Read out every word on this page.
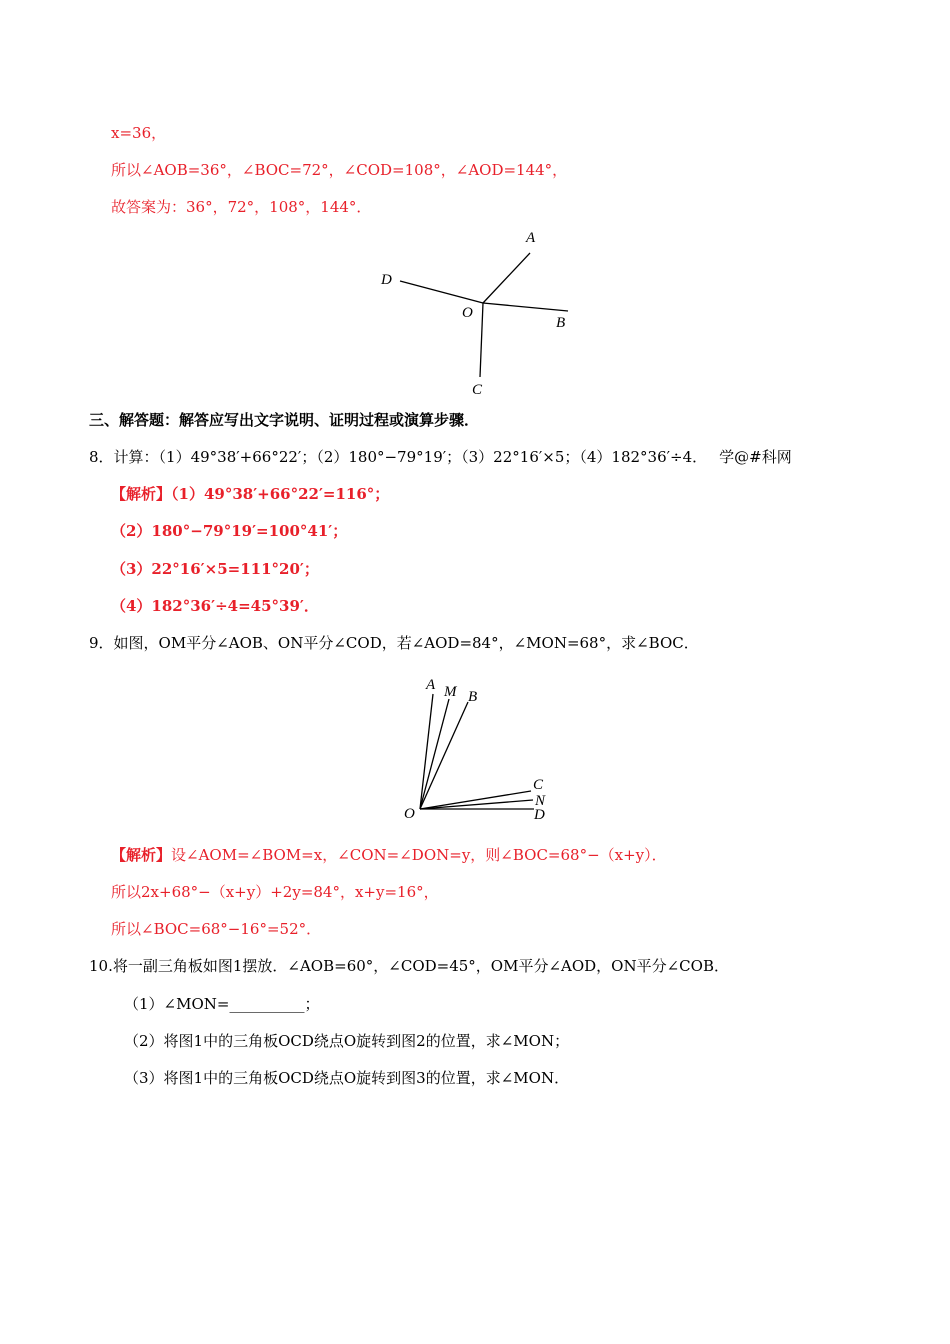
x=36，
所以∠AOB=36°，∠BOC=72°，∠COD=108°，∠AOD=144°，
故答案为：36°，72°，108°，144°．
A
B
C
D
O
三、解答题：解答应写出文字说明、证明过程或演算步骤．
8．计算：（1）49°38′+66°22′；（2）180°−79°19′；（3）22°16′×5；（4）182°36′÷4． 学@#科网
【解析】（1）49°38′+66°22′=116°；
（2）180°−79°19′=100°41′；
（3）22°16′×5=111°20′；
（4）182°36′÷4=45°39′．
9．如图，OM平分∠AOB、ON平分∠COD，若∠AOD=84°，∠MON=68°，求∠BOC．
A M B
C
N
D
O
【解析】设∠AOM=∠BOM=x，∠CON=∠DON=y，则∠BOC=68°−（x+y）．
所以2x+68°−（x+y）+2y=84°，x+y=16°，
所以∠BOC=68°−16°=52°．
10.将一副三角板如图1摆放．∠AOB=60°，∠COD=45°，OM平分∠AOD，ON平分∠COB．
（1）∠MON=__________；
（2）将图1中的三角板OCD绕点O旋转到图2的位置，求∠MON；
（3）将图1中的三角板OCD绕点O旋转到图3的位置，求∠MON．
